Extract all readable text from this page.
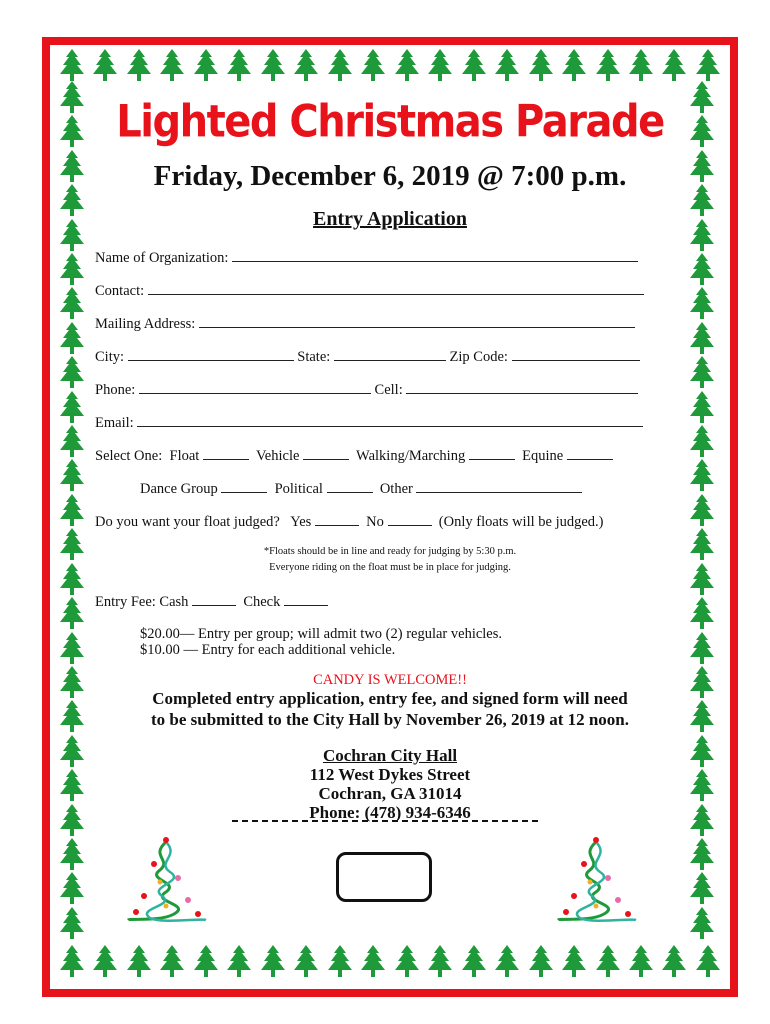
Lighted Christmas Parade
Friday, December 6, 2019 @ 7:00 p.m.
Entry Application
Name of Organization:
Contact:
Mailing Address:
City:	State:	Zip Code:
Phone:	Cell:
Email:
Select One: Float	Vehicle	Walking/Marching	Equine
Dance Group	Political	Other
Do you want your float judged? Yes	No	(Only floats will be judged.)
*Floats should be in line and ready for judging by 5:30 p.m.
Everyone riding on the float must be in place for judging.
Entry Fee: Cash	Check
$20.00— Entry per group; will admit two (2) regular vehicles.
$10.00 — Entry for each additional vehicle.
CANDY IS WELCOME!!
Completed entry application, entry fee, and signed form will need
to be submitted to the City Hall by November 26, 2019 at 12 noon.
Cochran City Hall
112 West Dykes Street
Cochran, GA 31014
Phone: (478) 934-6346
